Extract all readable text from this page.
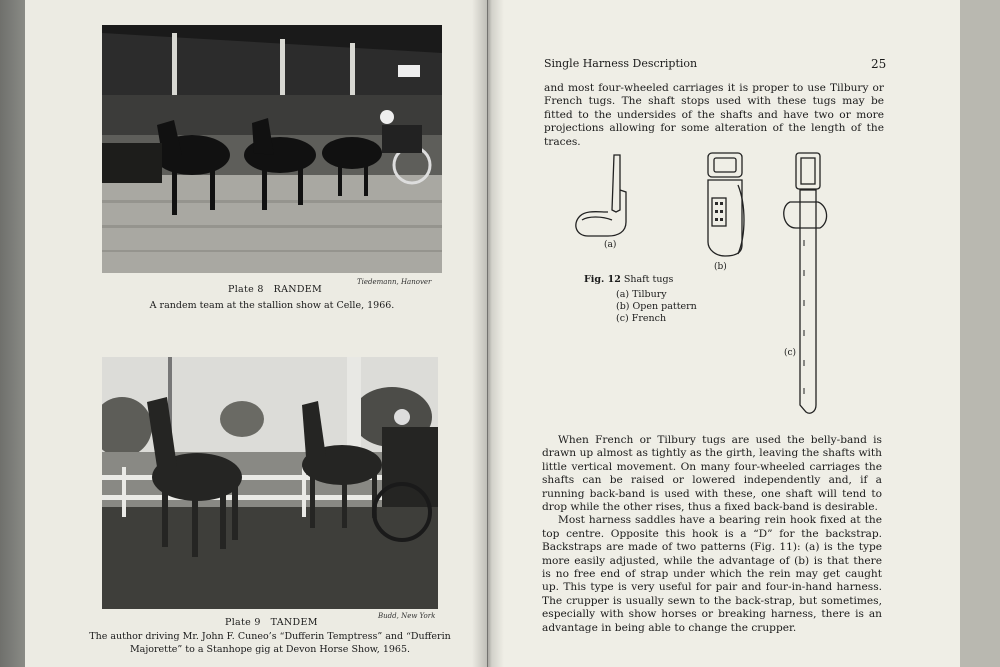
Tiedemann, Hanover
Plate 8   RANDEM
A randem team at the stallion show at Celle, 1966.
Budd, New York
Plate 9   TANDEM
The author driving Mr. John F. Cuneo’s “Dufferin Temptress” and “Dufferin
Majorette” to a Stanhope gig at Devon Horse Show, 1965.
Single Harness Description	25

and most four-wheeled carriages it is proper to use Tilbury or French tugs. The shaft stops used with these tugs may be fitted to the undersides of the shafts and have two or more projections allowing for some alteration of the length of the traces.

(a)
(b)
(c)
Fig. 12 Shaft tugs
(a) Tilbury
(b) Open pattern
(c) French

When French or Tilbury tugs are used the belly-band is drawn up almost as tightly as the girth, leaving the shafts with little vertical movement. On many four-wheeled carriages the shafts can be raised or lowered independently and, if a running back-band is used with these, one shaft will tend to drop while the other rises, thus a fixed back-band is desirable.

Most harness saddles have a bearing rein hook fixed at the top centre. Opposite this hook is a “D” for the backstrap. Backstraps are made of two patterns (Fig. 11): (a) is the type more easily adjusted, while the advantage of (b) is that there is no free end of strap under which the rein may get caught up. This type is very useful for pair and four-in-hand harness. The crupper is usually sewn to the back-strap, but sometimes, especially with show horses or breaking harness, there is an advantage in being able to change the crupper.
